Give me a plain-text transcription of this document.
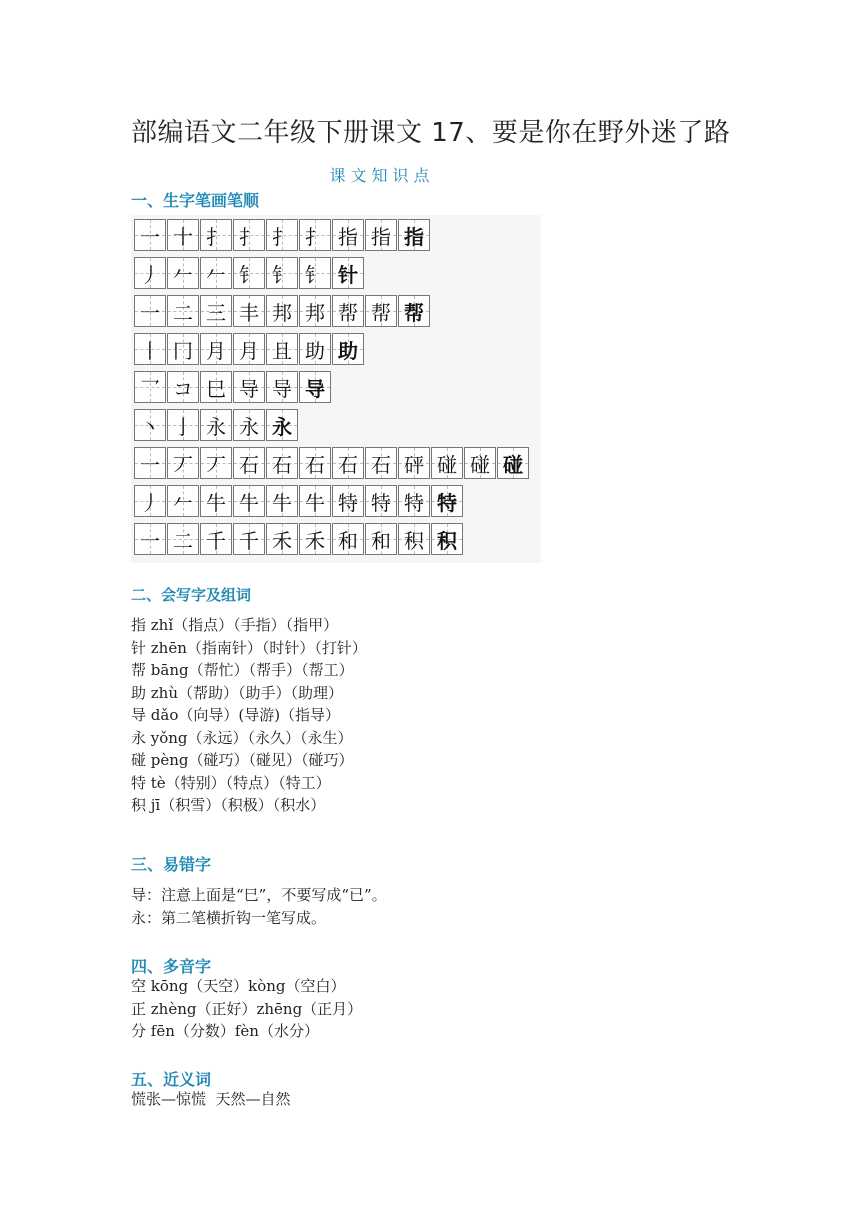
部编语文二年级下册课文 17、要是你在野外迷了路
课文知识点
一、生字笔画笔顺
一 十 扌 扌 扌 扌 指 指 指
丿 𠂉 𠂉 钅 钅 钅 针
一 二 三 丰 邦 邦 帮 帮 帮
丨 冂 月 月 且 助 助
乛 コ 巳 导 导 导
丶 亅 永 永 永
一 丆 丆 石 石 石 石 石 砰 碰 碰 碰
丿 𠂉 牛 牛 牛 牛 特 特 特 特
一 二 千 千 禾 禾 和 和 积 积
二、会写字及组词
指 zhǐ（指点）（手指）（指甲）
针 zhēn（指南针）（时针）（打针）
帮 bāng（帮忙）（帮手）（帮工）
助 zhù（帮助）（助手）（助理）
导 dǎo（向导）(导游)（指导）
永 yǒng（永远）（永久）（永生）
碰 pèng（碰巧）（碰见）（碰巧）
特 tè（特别）（特点）（特工）
积 jī（积雪）（积极）（积水）
三、易错字
导：注意上面是“巳”，不要写成“已”。
永：第二笔横折钩一笔写成。
四、多音字
空 kōng（天空）kòng（空白）
正 zhèng（正好）zhēng（正月）
分 fēn（分数）fèn（水分）
五、近义词
慌张—惊慌  天然—自然
